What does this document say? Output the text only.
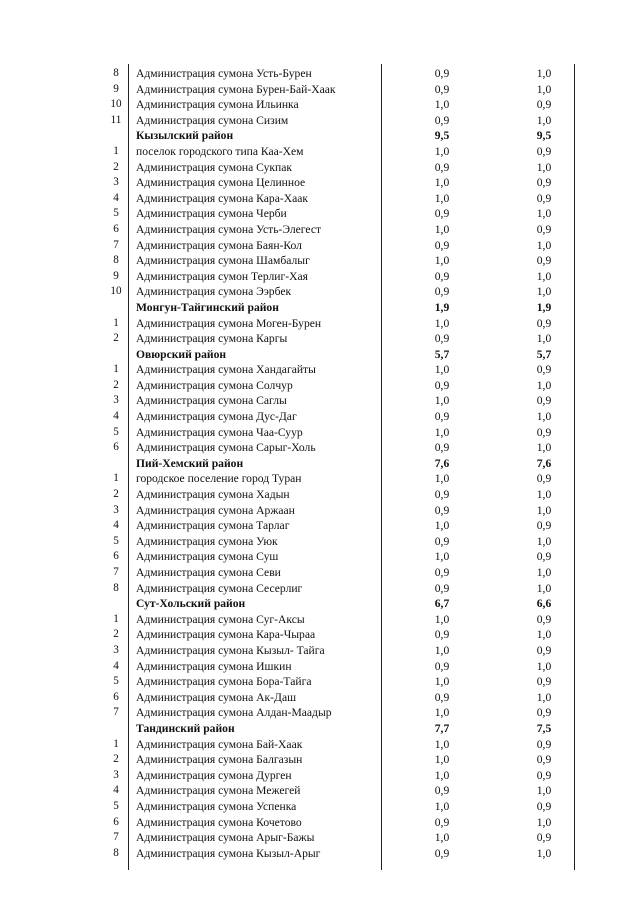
8	Администрация сумона Усть-Бурен	0,9	1,0
9	Администрация сумона Бурен-Бай-Хаак	0,9	1,0
10	Администрация сумона Ильинка	1,0	0,9
11	Администрация сумона Сизим	0,9	1,0
	Кызылский район	9,5	9,5
1	поселок городского типа Каа-Хем	1,0	0,9
2	Администрация сумона Сукпак	0,9	1,0
3	Администрация сумона Целинное	1,0	0,9
4	Администрация сумона Кара-Хаак	1,0	0,9
5	Администрация сумона Черби	0,9	1,0
6	Администрация сумона Усть-Элегест	1,0	0,9
7	Администрация сумона Баян-Кол	0,9	1,0
8	Администрация сумона Шамбалыг	1,0	0,9
9	Администрация сумон Терлиг-Хая	0,9	1,0
10	Администрация сумона Ээрбек	0,9	1,0
	Монгун-Тайгинский район	1,9	1,9
1	Администрация сумона Моген-Бурен	1,0	0,9
2	Администрация сумона Каргы	0,9	1,0
	Овюрский район	5,7	5,7
1	Администрация сумона Хандагайты	1,0	0,9
2	Администрация сумона Солчур	0,9	1,0
3	Администрация сумона Саглы	1,0	0,9
4	Администрация сумона Дус-Даг	0,9	1,0
5	Администрация сумона Чаа-Суур	1,0	0,9
6	Администрация сумона Сарыг-Холь	0,9	1,0
	Пий-Хемский район	7,6	7,6
1	городское поселение город Туран	1,0	0,9
2	Администрация сумона Хадын	0,9	1,0
3	Администрация сумона Аржаан	0,9	1,0
4	Администрация сумона Тарлаг	1,0	0,9
5	Администрация сумона Уюк	0,9	1,0
6	Администрация сумона Суш	1,0	0,9
7	Администрация сумона Севи	0,9	1,0
8	Администрация сумона Сесерлиг	0,9	1,0
	Сут-Хольский район	6,7	6,6
1	Администрация сумона Суг-Аксы	1,0	0,9
2	Администрация сумона Кара-Чыраа	0,9	1,0
3	Администрация сумона Кызыл- Тайга	1,0	0,9
4	Администрация сумона Ишкин	0,9	1,0
5	Администрация сумона Бора-Тайга	1,0	0,9
6	Администрация сумона Ак-Даш	0,9	1,0
7	Администрация сумона Алдан-Маадыр	1,0	0,9
	Тандинский район	7,7	7,5
1	Администрация сумона Бай-Хаак	1,0	0,9
2	Администрация сумона Балгазын	1,0	0,9
3	Администрация сумона Дурген	1,0	0,9
4	Администрация сумона Межегей	0,9	1,0
5	Администрация сумона Успенка	1,0	0,9
6	Администрация сумона Кочетово	0,9	1,0
7	Администрация сумона Арыг-Бажы	1,0	0,9
8	Администрация сумона Кызыл-Арыг	0,9	1,0
